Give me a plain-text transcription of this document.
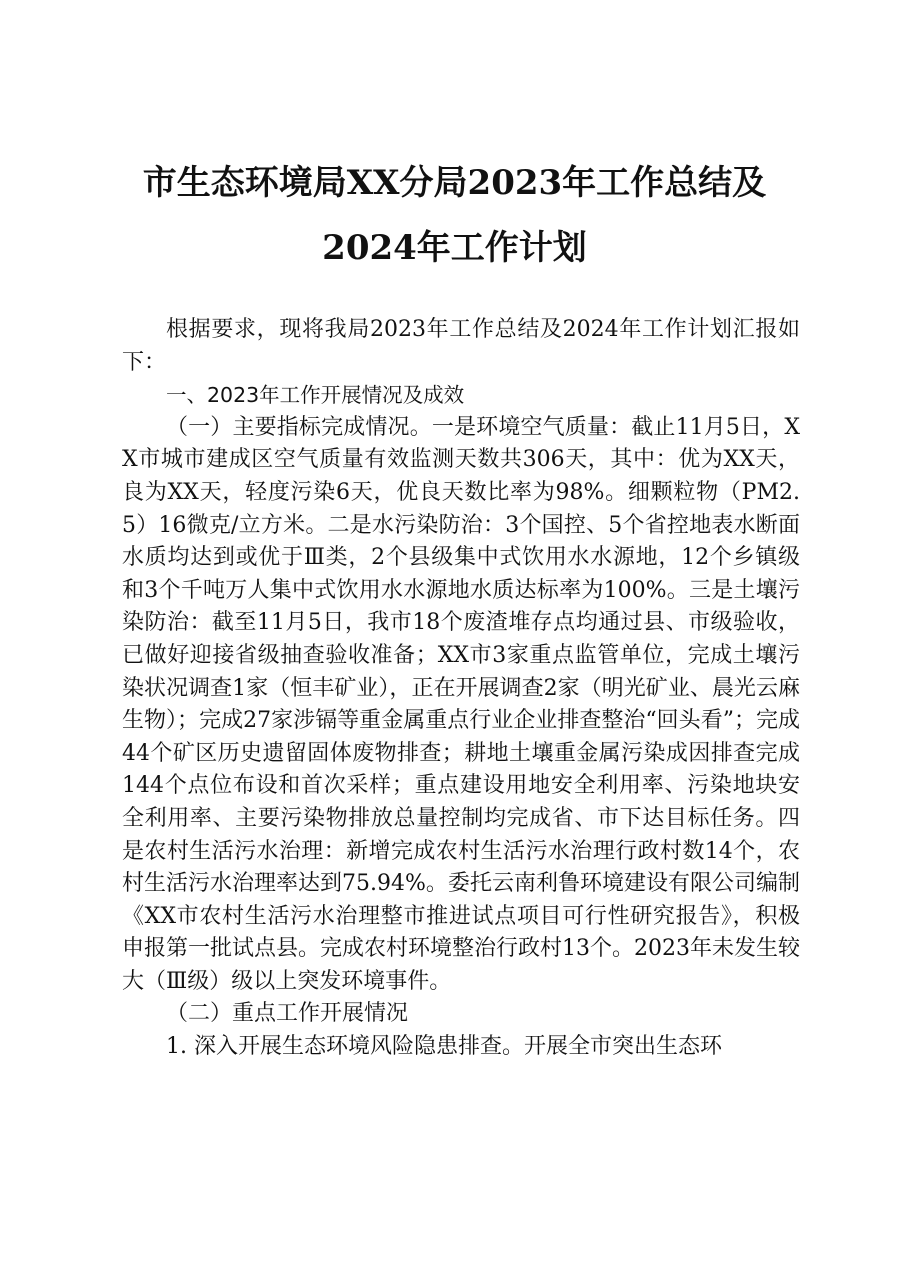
市生态环境局XX分局2023年工作总结及
2024年工作计划

根据要求，现将我局2023年工作总结及2024年工作计划汇报如下：

一、2023年工作开展情况及成效

（一）主要指标完成情况。一是环境空气质量：截止11月5日，XX市城市建成区空气质量有效监测天数共306天，其中：优为XX天，良为XX天，轻度污染6天，优良天数比率为98%。细颗粒物（PM2.5）16微克/立方米。二是水污染防治：3个国控、5个省控地表水断面水质均达到或优于Ⅲ类，2个县级集中式饮用水水源地，12个乡镇级和3个千吨万人集中式饮用水水源地水质达标率为100%。三是土壤污染防治：截至11月5日，我市18个废渣堆存点均通过县、市级验收，已做好迎接省级抽查验收准备；XX市3家重点监管单位，完成土壤污染状况调查1家（恒丰矿业），正在开展调查2家（明光矿业、晨光云麻生物）；完成27家涉镉等重金属重点行业企业排查整治“回头看”；完成44个矿区历史遗留固体废物排查；耕地土壤重金属污染成因排查完成144个点位布设和首次采样；重点建设用地安全利用率、污染地块安全利用率、主要污染物排放总量控制均完成省、市下达目标任务。四是农村生活污水治理：新增完成农村生活污水治理行政村数14个，农村生活污水治理率达到75.94%。委托云南利鲁环境建设有限公司编制《XX市农村生活污水治理整市推进试点项目可行性研究报告》，积极申报第一批试点县。完成农村环境整治行政村13个。2023年未发生较大（Ⅲ级）级以上突发环境事件。

（二）重点工作开展情况

1. 深入开展生态环境风险隐患排查。开展全市突出生态环
